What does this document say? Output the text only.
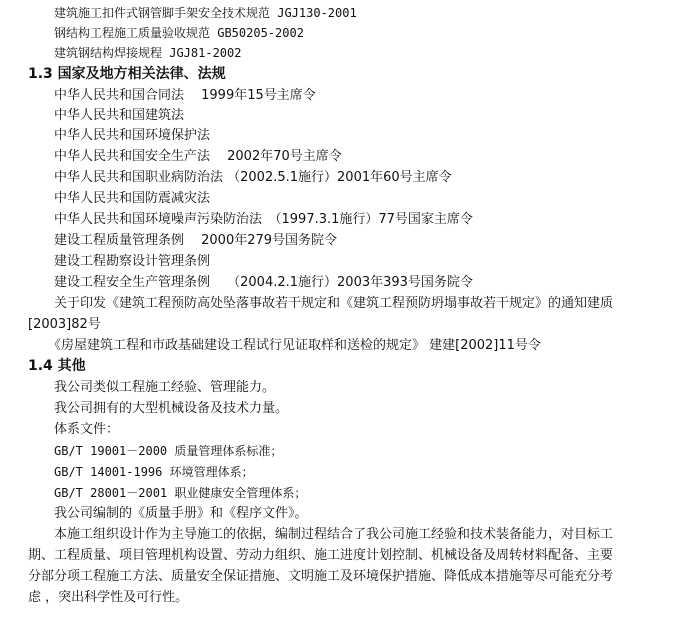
建筑施工扣件式钢管脚手架安全技术规范 JGJ130-2001
钢结构工程施工质量验收规范 GB50205-2002
建筑钢结构焊接规程 JGJ81-2002
1.3 国家及地方相关法律、法规
中华人民共和国合同法　 1999年15号主席令
中华人民共和国建筑法
中华人民共和国环境保护法
中华人民共和国安全生产法　 2002年70号主席令
中华人民共和国职业病防治法 （2002.5.1施行）2001年60号主席令
中华人民共和国防震减灾法
中华人民共和国环境噪声污染防治法　（1997.3.1施行）77号国家主席令
建设工程质量管理条例　 2000年279号国务院令
建设工程勘察设计管理条例
建设工程安全生产管理条例　 （2004.2.1施行）2003年393号国务院令
关于印发《建筑工程预防高处坠落事故若干规定和《建筑工程预防坍塌事故若干规定》的通知建质
[2003]82号
《房屋建筑工程和市政基础建设工程试行见证取样和送检的规定》 建建[2002]11号令
1.4 其他
我公司类似工程施工经验、管理能力。
我公司拥有的大型机械设备及技术力量。
体系文件：
GB/T 19001－2000 质量管理体系标准；
GB/T 14001-1996 环境管理体系；
GB/T 28001－2001 职业健康安全管理体系；
我公司编制的《质量手册》和《程序文件》。
本施工组织设计作为主导施工的依据，编制过程结合了我公司施工经验和技术装备能力，对目标工
期、工程质量、项目管理机构设置、劳动力组织、施工进度计划控制、机械设备及周转材料配备、主要
分部分项工程施工方法、质量安全保证措施、文明施工及环境保护措施、降低成本措施等尽可能充分考
虑 ，突出科学性及可行性。
